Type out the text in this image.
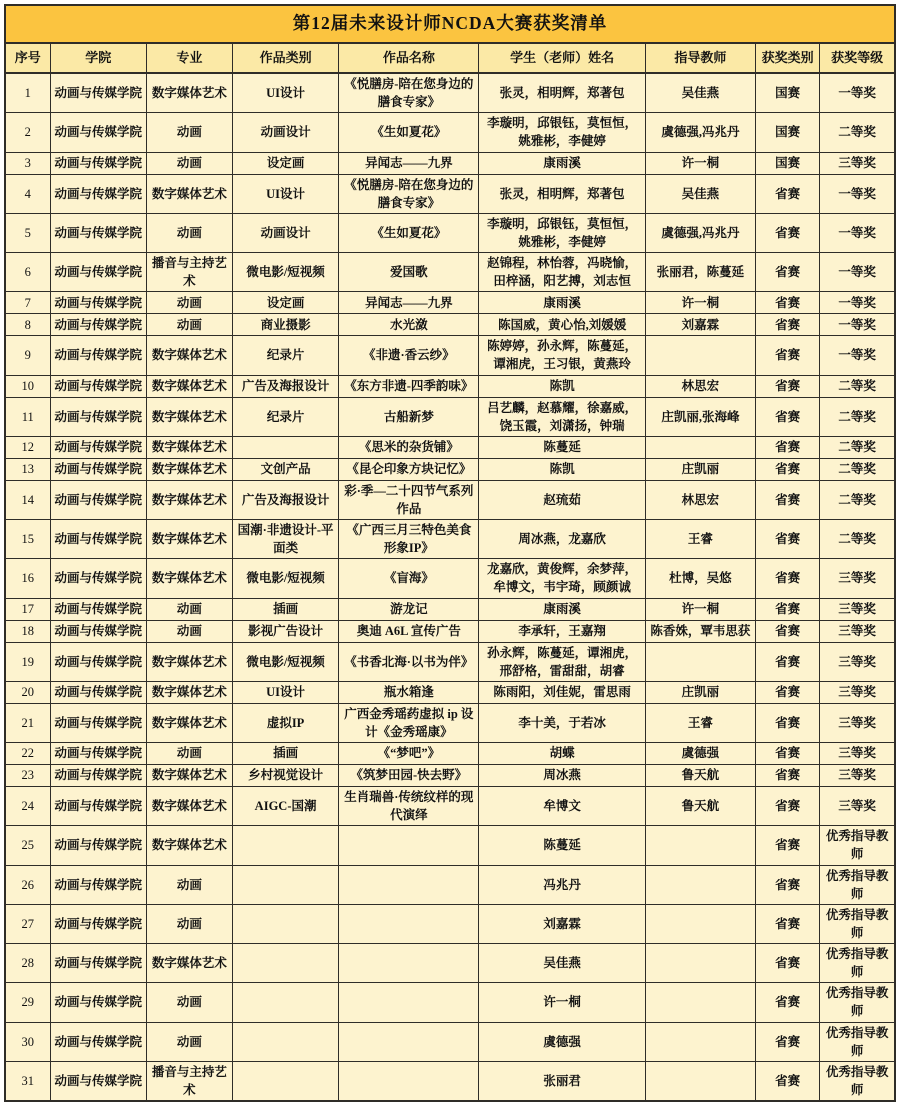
第12届未来设计师NCDA大赛获奖清单								
序号	学院	专业	作品类别	作品名称	学生（老师）姓名	指导教师	获奖类别	获奖等级
1	动画与传媒学院	数字媒体艺术	UI设计	《悦膳房-陪在您身边的膳食专家》	张灵，相明辉，郑著包	吴佳燕	国赛	一等奖
2	动画与传媒学院	动画	动画设计	《生如夏花》	李璇明，邱银钰，莫恒恒，姚雅彬，李健婷	虞德强,冯兆丹	国赛	二等奖
3	动画与传媒学院	动画	设定画	异闻志——九界	康雨溪	许一桐	国赛	三等奖
4	动画与传媒学院	数字媒体艺术	UI设计	《悦膳房-陪在您身边的膳食专家》	张灵，相明辉，郑著包	吴佳燕	省赛	一等奖
5	动画与传媒学院	动画	动画设计	《生如夏花》	李璇明，邱银钰，莫恒恒，姚雅彬，李健婷	虞德强,冯兆丹	省赛	一等奖
6	动画与传媒学院	播音与主持艺术	微电影/短视频	爱国歌	赵锦程，林怡蓉，冯晓愉，田梓涵，阳艺搏，刘志恒	张丽君，陈蔓延	省赛	一等奖
7	动画与传媒学院	动画	设定画	异闻志——九界	康雨溪	许一桐	省赛	一等奖
8	动画与传媒学院	动画	商业摄影	水光潋	陈国威，黄心怡,刘媛媛	刘嘉霖	省赛	一等奖
9	动画与传媒学院	数字媒体艺术	纪录片	《非遗·香云纱》	陈婷婷，孙永辉，陈蔓延，谭湘虎，王习银，黄燕玲		省赛	一等奖
10	动画与传媒学院	数字媒体艺术	广告及海报设计	《东方非遗-四季韵味》	陈凯	林思宏	省赛	二等奖
11	动画与传媒学院	数字媒体艺术	纪录片	古船新梦	吕艺麟，赵慕耀，徐嘉威，饶玉霞，刘潇扬，钟瑞	庄凯丽,张海峰	省赛	二等奖
12	动画与传媒学院	数字媒体艺术		《思米的杂货铺》	陈蔓延		省赛	二等奖
13	动画与传媒学院	数字媒体艺术	文创产品	《昆仑印象方块记忆》	陈凯	庄凯丽	省赛	二等奖
14	动画与传媒学院	数字媒体艺术	广告及海报设计	彩·季—二十四节气系列作品	赵琉茹	林思宏	省赛	二等奖
15	动画与传媒学院	数字媒体艺术	国潮·非遗设计-平面类	《广西三月三特色美食形象IP》	周冰燕，龙嘉欣	王睿	省赛	二等奖
16	动画与传媒学院	数字媒体艺术	微电影/短视频	《盲海》	龙嘉欣，黄俊辉，余梦萍，牟博文，韦宇琦，顾颜诚	杜博，吴悠	省赛	三等奖
17	动画与传媒学院	动画	插画	游龙记	康雨溪	许一桐	省赛	三等奖
18	动画与传媒学院	动画	影视广告设计	奥迪 A6L 宣传广告	李承轩，王嘉翔	陈香姝，覃韦思获	省赛	三等奖
19	动画与传媒学院	数字媒体艺术	微电影/短视频	《书香北海·以书为伴》	孙永辉，陈蔓延，谭湘虎，邢舒格，雷甜甜，胡睿		省赛	三等奖
20	动画与传媒学院	数字媒体艺术	UI设计	瓶水箱逢	陈雨阳，刘佳妮，雷思雨	庄凯丽	省赛	三等奖
21	动画与传媒学院	数字媒体艺术	虚拟IP	广西金秀瑶药虚拟 ip 设计《金秀瑶康》	李十美，于若冰	王睿	省赛	三等奖
22	动画与传媒学院	动画	插画	《“梦吧”》	胡蝶	虞德强	省赛	三等奖
23	动画与传媒学院	数字媒体艺术	乡村视觉设计	《筑梦田园-快去野》	周冰燕	鲁天航	省赛	三等奖
24	动画与传媒学院	数字媒体艺术	AIGC-国潮	生肖瑞兽·传统纹样的现代演绎	牟博文	鲁天航	省赛	三等奖
25	动画与传媒学院	数字媒体艺术			陈蔓延		省赛	优秀指导教师
26	动画与传媒学院	动画			冯兆丹		省赛	优秀指导教师
27	动画与传媒学院	动画			刘嘉霖		省赛	优秀指导教师
28	动画与传媒学院	数字媒体艺术			吴佳燕		省赛	优秀指导教师
29	动画与传媒学院	动画			许一桐		省赛	优秀指导教师
30	动画与传媒学院	动画			虞德强		省赛	优秀指导教师
31	动画与传媒学院	播音与主持艺术			张丽君		省赛	优秀指导教师
